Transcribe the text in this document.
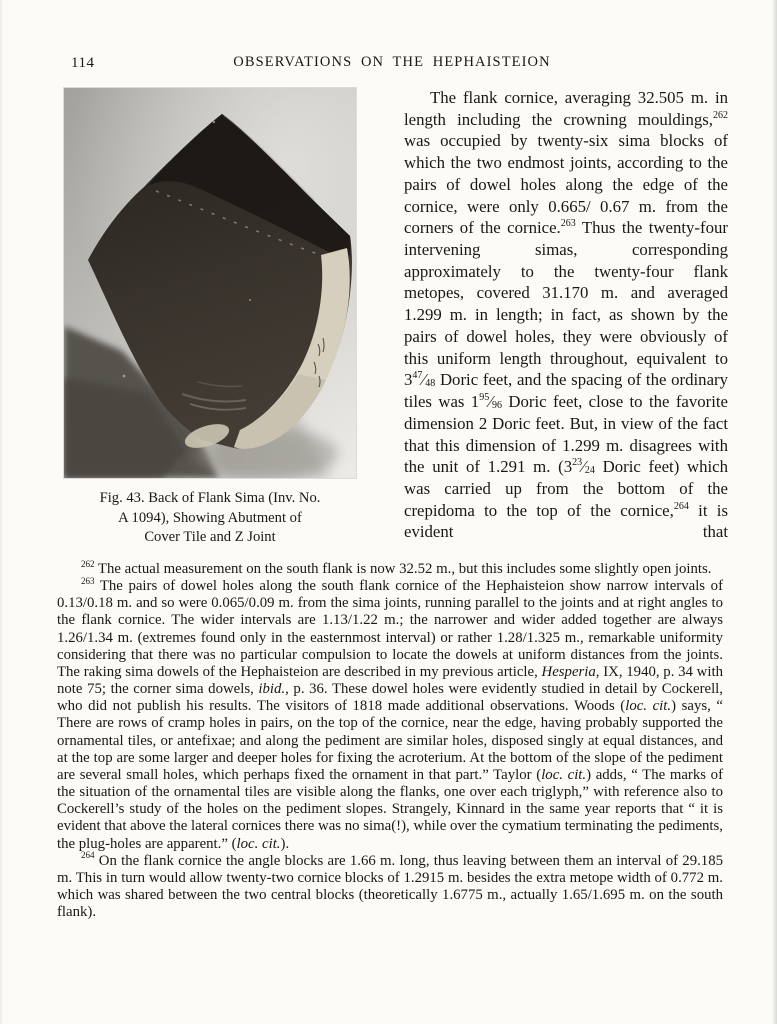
114	OBSERVATIONS ON THE HEPHAISTEION
Fig. 43. Back of Flank Sima (Inv. No.
A 1094), Showing Abutment of
Cover Tile and Z Joint

The flank cornice, averaging 32.505 m. in length including the crowning mouldings,$^{262}$ was occupied by twenty-six sima blocks of which the two endmost joints, according to the pairs of dowel holes along the edge of the cornice, were only 0.665/ 0.67 m. from the corners of the cornice.$^{263}$ Thus the twenty-four intervening simas, corresponding approximately to the twenty-four flank metopes, covered 31.170 m. and averaged 1.299 m. in length; in fact, as shown by the pairs of dowel holes, they were obviously of this uniform length throughout, equivalent to $3^{47}⁄_{48}$ Doric feet, and the spacing of the ordinary tiles was $1^{95}⁄_{96}$ Doric feet, close to the favorite dimension 2 Doric feet. But, in view of the fact that this dimension of 1.299 m. disagrees with the unit of 1.291 m. ($3^{23}⁄_{24}$ Doric feet) which was carried up from the bottom of the crepidoma to the top of the cornice,$^{264}$ it is evident that

$^{262}$ The actual measurement on the south flank is now 32.52 m., but this includes some slightly open joints.

$^{263}$ The pairs of dowel holes along the south flank cornice of the Hephaisteion show narrow intervals of 0.13/0.18 m. and so were 0.065/0.09 m. from the sima joints, running parallel to the joints and at right angles to the flank cornice. The wider intervals are 1.13/1.22 m.; the narrower and wider added together are always 1.26/1.34 m. (extremes found only in the easternmost interval) or rather 1.28/1.325 m., remarkable uniformity considering that there was no particular compulsion to locate the dowels at uniform distances from the joints. The raking sima dowels of the Hephaisteion are described in my previous article, Hesperia, IX, 1940, p. 34 with note 75; the corner sima dowels, ibid., p. 36. These dowel holes were evidently studied in detail by Cockerell, who did not publish his results. The visitors of 1818 made additional observations. Woods (loc. cit.) says, “ There are rows of cramp holes in pairs, on the top of the cornice, near the edge, having probably supported the ornamental tiles, or antefixae; and along the pediment are similar holes, disposed singly at equal distances, and at the top are some larger and deeper holes for fixing the acroterium. At the bottom of the slope of the pediment are several small holes, which perhaps fixed the ornament in that part.” Taylor (loc. cit.) adds, “ The marks of the situation of the ornamental tiles are visible along the flanks, one over each triglyph,” with reference also to Cockerell’s study of the holes on the pediment slopes. Strangely, Kinnard in the same year reports that “ it is evident that above the lateral cornices there was no sima(!), while over the cymatium terminating the pediments, the plug-holes are apparent.” (loc. cit.).

$^{264}$ On the flank cornice the angle blocks are 1.66 m. long, thus leaving between them an interval of 29.185 m. This in turn would allow twenty-two cornice blocks of 1.2915 m. besides the extra metope width of 0.772 m. which was shared between the two central blocks (theoretically 1.6775 m., actually 1.65/1.695 m. on the south flank).
